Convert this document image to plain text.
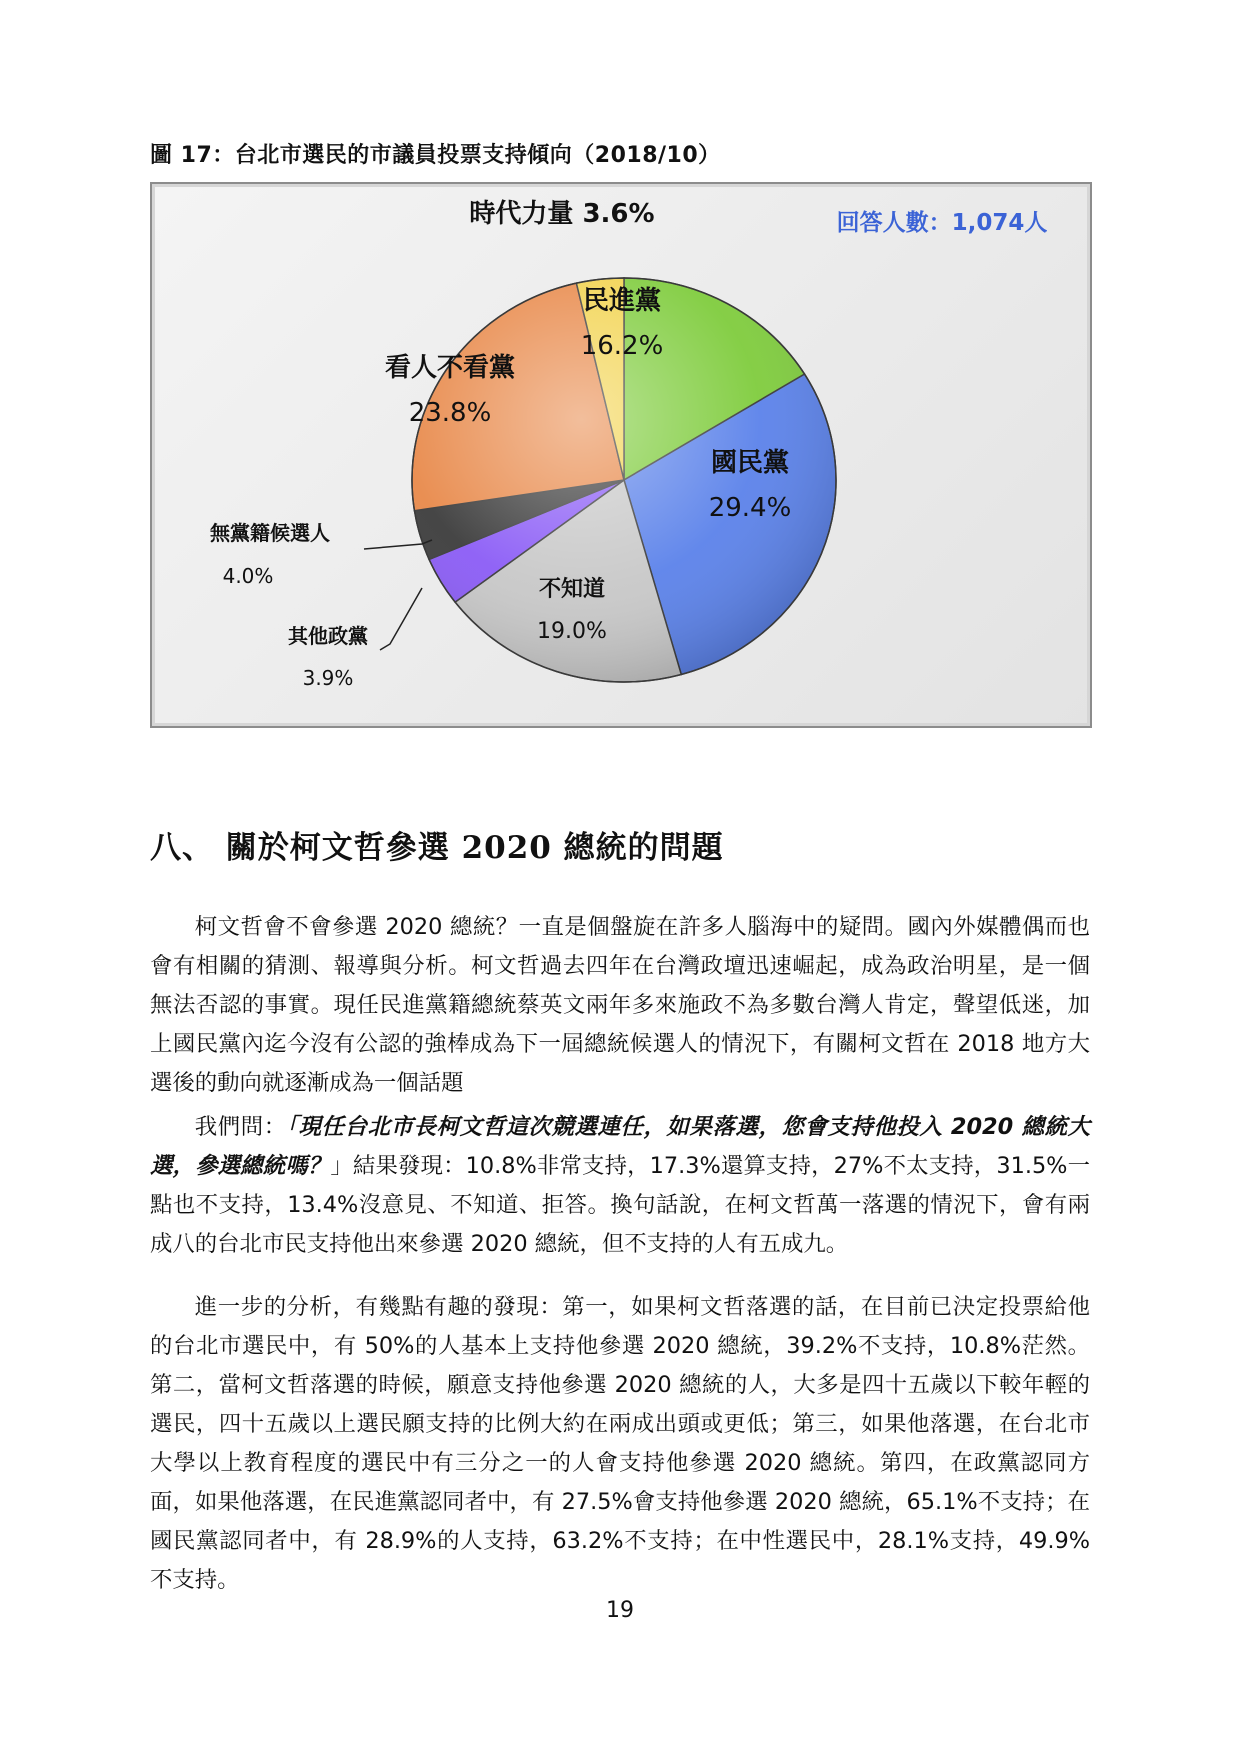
圖 17：台北市選民的市議員投票支持傾向（2018/10）
回答人數：1,074人
時代力量 3.6%
民進黨
16.2%
看人不看黨
23.8%
國民黨
29.4%
不知道
19.0%
無黨籍候選人
4.0%
其他政黨
3.9%
八、 關於柯文哲參選 2020 總統的問題

柯文哲會不會參選 2020 總統？一直是個盤旋在許多人腦海中的疑問。國內外媒體偶而也會有相關的猜測、報導與分析。柯文哲過去四年在台灣政壇迅速崛起，成為政治明星，是一個無法否認的事實。現任民進黨籍總統蔡英文兩年多來施政不為多數台灣人肯定，聲望低迷，加上國民黨內迄今沒有公認的強棒成為下一屆總統候選人的情況下，有關柯文哲在 2018 地方大選後的動向就逐漸成為一個話題

我們問：「現任台北市長柯文哲這次競選連任，如果落選，您會支持他投入 2020 總統大選，參選總統嗎？」結果發現：10.8%非常支持，17.3%還算支持，27%不太支持，31.5%一點也不支持，13.4%沒意見、不知道、拒答。換句話說，在柯文哲萬一落選的情況下，會有兩成八的台北市民支持他出來參選 2020 總統，但不支持的人有五成九。

進一步的分析，有幾點有趣的發現：第一，如果柯文哲落選的話，在目前已決定投票給他的台北市選民中，有 50%的人基本上支持他參選 2020 總統，39.2%不支持，10.8%茫然。第二，當柯文哲落選的時候，願意支持他參選 2020 總統的人，大多是四十五歲以下較年輕的選民，四十五歲以上選民願支持的比例大約在兩成出頭或更低；第三，如果他落選，在台北市大學以上教育程度的選民中有三分之一的人會支持他參選 2020 總統。第四，在政黨認同方面，如果他落選，在民進黨認同者中，有 27.5%會支持他參選 2020 總統，65.1%不支持；在國民黨認同者中，有 28.9%的人支持，63.2%不支持；在中性選民中，28.1%支持，49.9%不支持。

19
